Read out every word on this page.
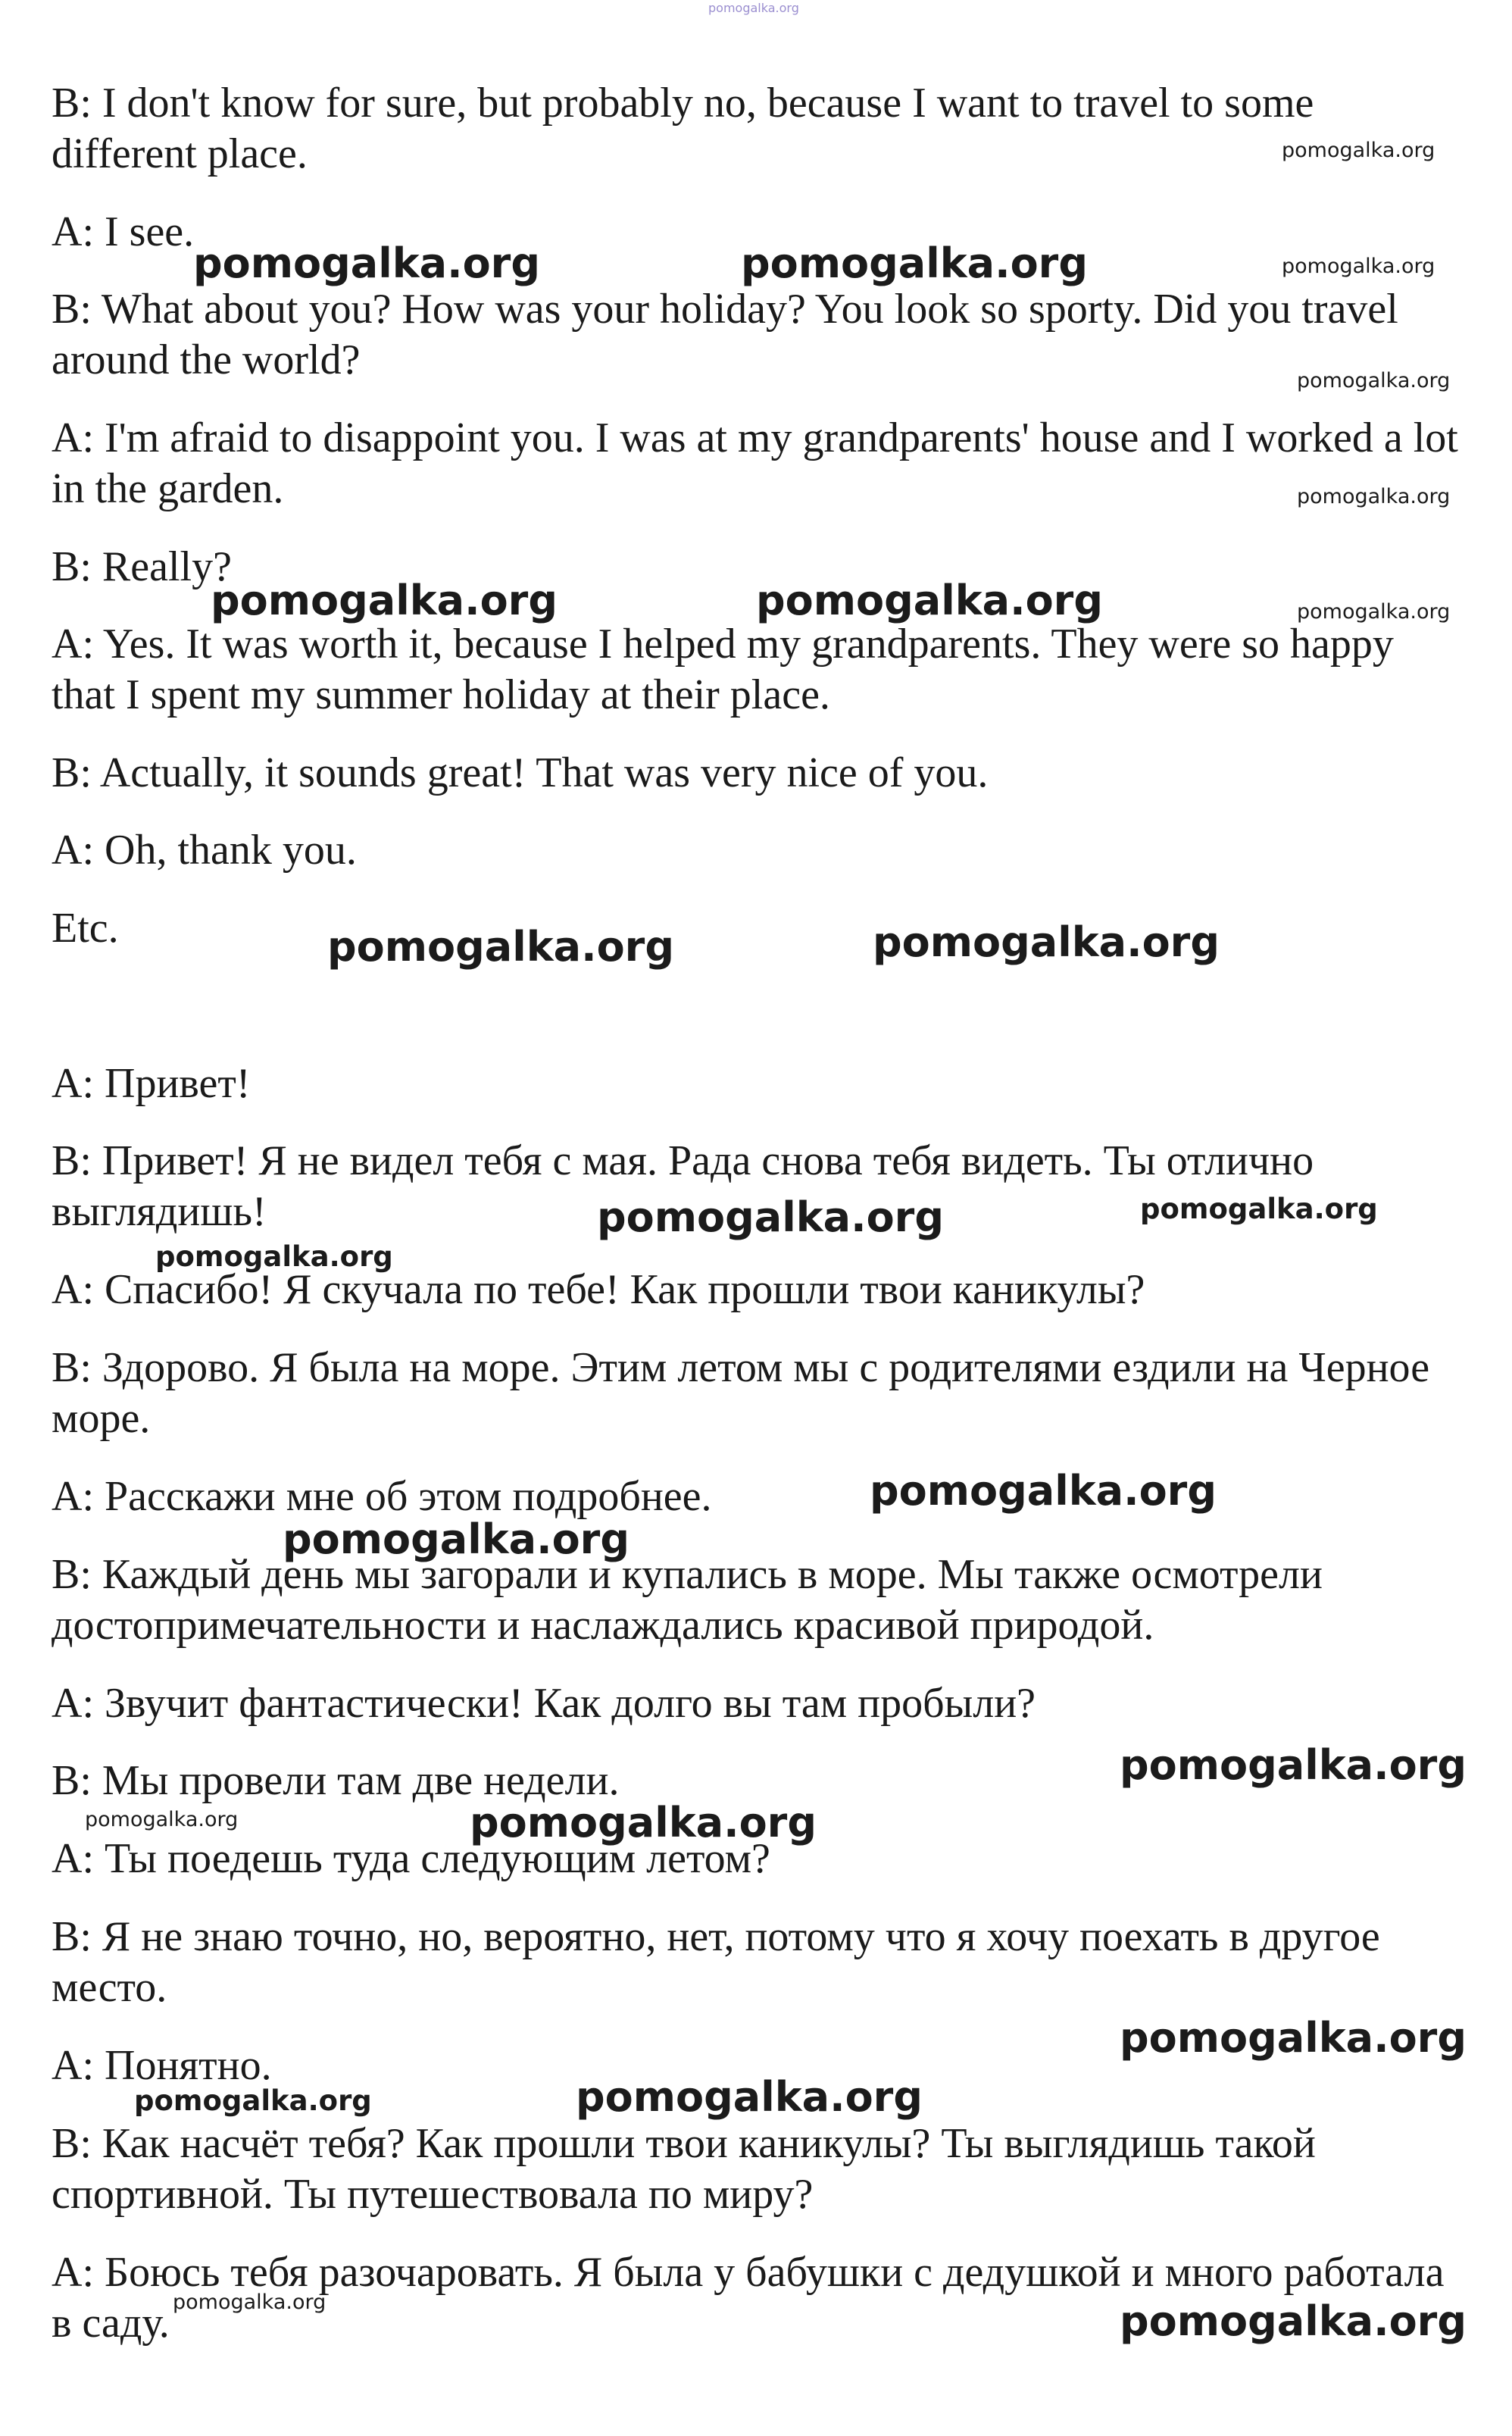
pomogalka.org
B: I don't know for sure, but probably no, because I want to travel to some
different place.
A: I see.
B: What about you? How was your holiday? You look so sporty. Did you travel
around the world?
A: I'm afraid to disappoint you. I was at my grandparents' house and I worked a lot
in the garden.
B: Really?
A: Yes. It was worth it, because I helped my grandparents. They were so happy
that I spent my summer holiday at their place.
B: Actually, it sounds great! That was very nice of you.
A: Oh, thank you.
Etc.
A: Привет!
B: Привет! Я не видел тебя с мая. Рада снова тебя видеть. Ты отлично
выглядишь!
A: Спасибо! Я скучала по тебе! Как прошли твои каникулы?
B: Здорово. Я была на море. Этим летом мы с родителями ездили на Черное
море.
A: Расскажи мне об этом подробнее.
B: Каждый день мы загорали и купались в море. Мы также осмотрели
достопримечательности и наслаждались красивой природой.
A: Звучит фантастически! Как долго вы там пробыли?
B: Мы провели там две недели.
A: Ты поедешь туда следующим летом?
B: Я не знаю точно, но, вероятно, нет, потому что я хочу поехать в другое
место.
A: Понятно.
B: Как насчёт тебя? Как прошли твои каникулы? Ты выглядишь такой
спортивной. Ты путешествовала по миру?
A: Боюсь тебя разочаровать. Я была у бабушки с дедушкой и много работала
в саду.
pomogalka.org	pomogalka.org
pomogalka.org	pomogalka.org
pomogalka.org	pomogalka.org
pomogalka.org
pomogalka.org
pomogalka.org
pomogalka.org
pomogalka.org
pomogalka.org
pomogalka.org
pomogalka.org
pomogalka.org
pomogalka.org
pomogalka.org
pomogalka.org
pomogalka.org
pomogalka.org
pomogalka.org
pomogalka.org
pomogalka.org
pomogalka.org
